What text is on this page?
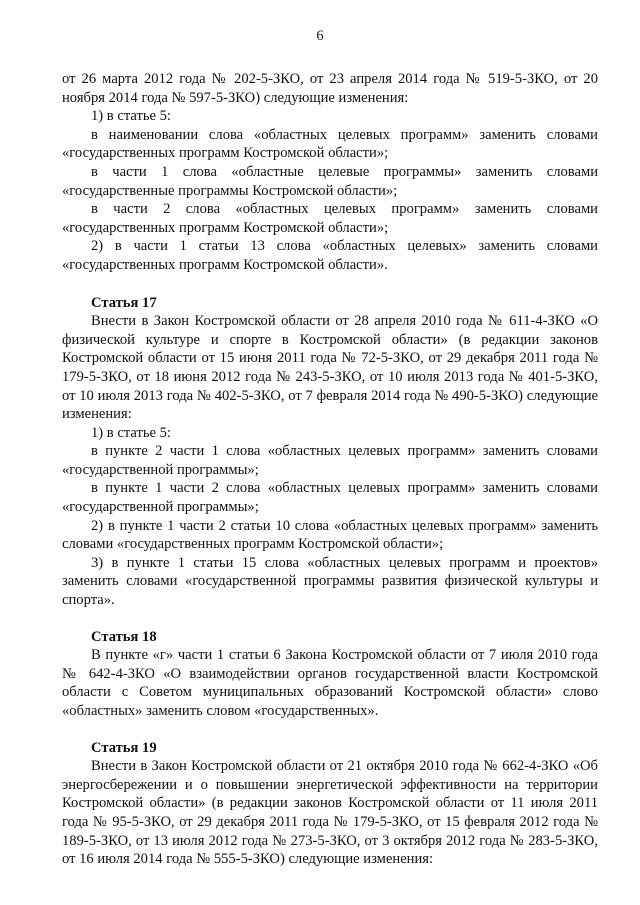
6

от 26 марта 2012 года № 202-5-ЗКО, от 23 апреля 2014 года № 519-5-ЗКО, от 20 ноября 2014 года № 597-5-ЗКО) следующие изменения:

1) в статье 5:

в наименовании слова «областных целевых программ» заменить словами «государственных программ Костромской области»;

в части 1 слова «областные целевые программы» заменить словами «государственные программы Костромской области»;

в части 2 слова «областных целевых программ» заменить словами «государственных программ Костромской области»;

2) в части 1 статьи 13 слова «областных целевых» заменить словами «государственных программ Костромской области».

Статья 17

Внести в Закон Костромской области от 28 апреля 2010 года № 611-4-ЗКО «О физической культуре и спорте в Костромской области» (в редакции законов Костромской области от 15 июня 2011 года № 72-5-ЗКО, от 29 декабря 2011 года № 179-5-ЗКО, от 18 июня 2012 года № 243-5-ЗКО, от 10 июля 2013 года № 401-5-ЗКО, от 10 июля 2013 года № 402-5-ЗКО, от 7 февраля 2014 года № 490-5-ЗКО) следующие изменения:

1) в статье 5:

в пункте 2 части 1 слова «областных целевых программ» заменить словами «государственной программы»;

в пункте 1 части 2 слова «областных целевых программ» заменить словами «государственной программы»;

2) в пункте 1 части 2 статьи 10 слова «областных целевых программ» заменить словами «государственных программ Костромской области»;

3) в пункте 1 статьи 15 слова «областных целевых программ и проектов» заменить словами «государственной программы развития физической культуры и спорта».

Статья 18

В пункте «г» части 1 статьи 6 Закона Костромской области от 7 июля 2010 года № 642-4-ЗКО «О взаимодействии органов государственной власти Костромской области с Советом муниципальных образований Костромской области» слово «областных» заменить словом «государственных».

Статья 19

Внести в Закон Костромской области от 21 октября 2010 года № 662-4-ЗКО «Об энергосбережении и о повышении энергетической эффективности на территории Костромской области» (в редакции законов Костромской области от 11 июля 2011 года № 95-5-ЗКО, от 29 декабря 2011 года № 179-5-ЗКО, от 15 февраля 2012 года № 189-5-ЗКО, от 13 июля 2012 года № 273-5-ЗКО, от 3 октября 2012 года № 283-5-ЗКО, от 16 июля 2014 года № 555-5-ЗКО) следующие изменения:
